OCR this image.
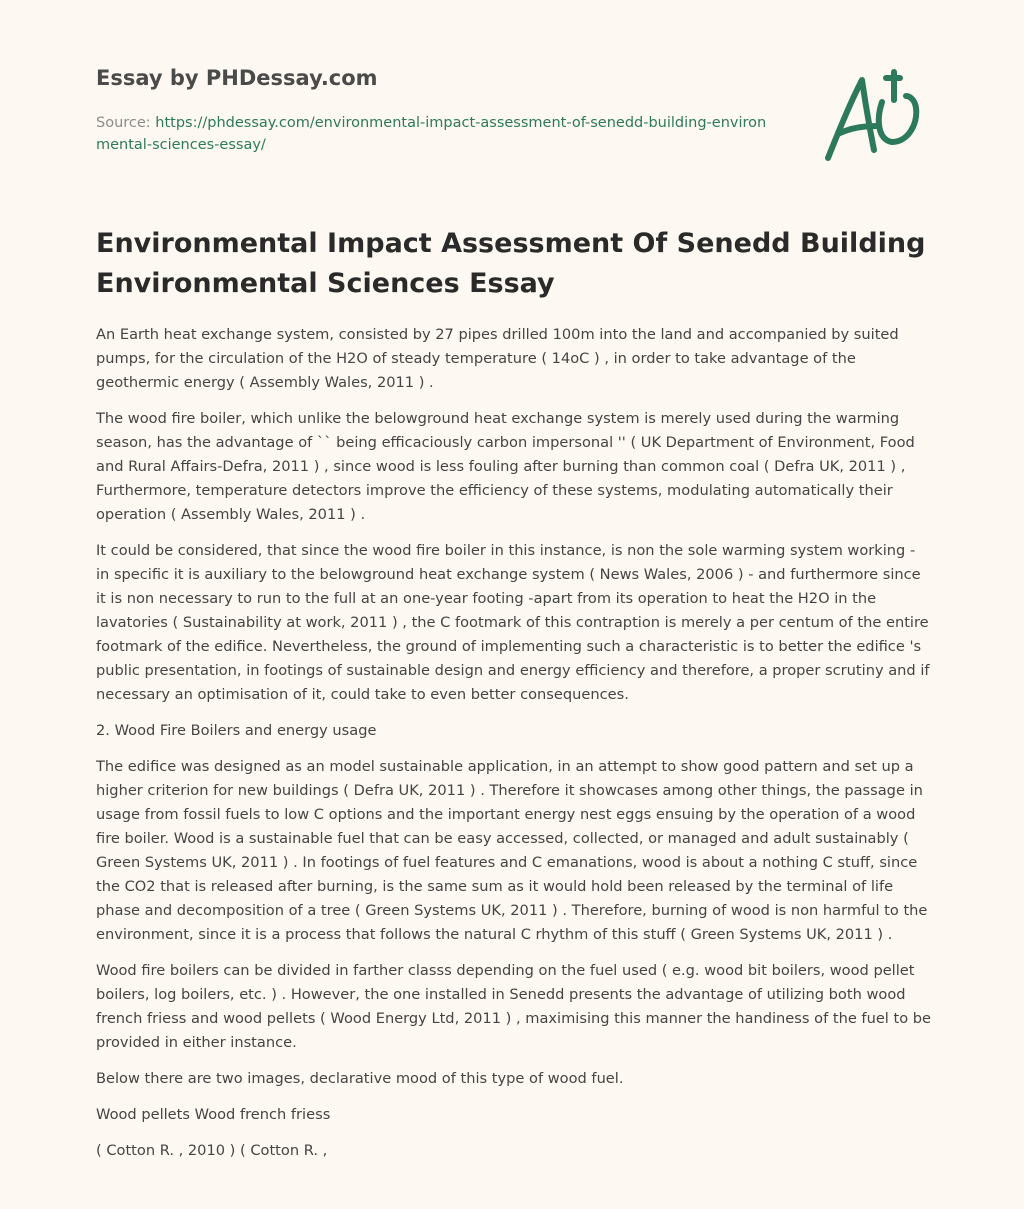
Essay by PHDessay.com
Source: https://phdessay.com/environmental-impact-assessment-of-senedd-building-environmental-sciences-essay/
Environmental Impact Assessment Of Senedd Building Environmental Sciences Essay

An Earth heat exchange system, consisted by 27 pipes drilled 100m into the land and accompanied by suited pumps, for the circulation of the H2O of steady temperature ( 14oC ) , in order to take advantage of the geothermic energy ( Assembly Wales, 2011 ) .

The wood fire boiler, which unlike the belowground heat exchange system is merely used during the warming season, has the advantage of `` being efficaciously carbon impersonal '' ( UK Department of Environment, Food and Rural Affairs-Defra, 2011 ) , since wood is less fouling after burning than common coal ( Defra UK, 2011 ) , Furthermore, temperature detectors improve the efficiency of these systems, modulating automatically their operation ( Assembly Wales, 2011 ) .

It could be considered, that since the wood fire boiler in this instance, is non the sole warming system working - in specific it is auxiliary to the belowground heat exchange system ( News Wales, 2006 ) - and furthermore since it is non necessary to run to the full at an one-year footing -apart from its operation to heat the H2O in the lavatories ( Sustainability at work, 2011 ) , the C footmark of this contraption is merely a per centum of the entire footmark of the edifice. Nevertheless, the ground of implementing such a characteristic is to better the edifice 's public presentation, in footings of sustainable design and energy efficiency and therefore, a proper scrutiny and if necessary an optimisation of it, could take to even better consequences.

2. Wood Fire Boilers and energy usage

The edifice was designed as an model sustainable application, in an attempt to show good pattern and set up a higher criterion for new buildings ( Defra UK, 2011 ) . Therefore it showcases among other things, the passage in usage from fossil fuels to low C options and the important energy nest eggs ensuing by the operation of a wood fire boiler. Wood is a sustainable fuel that can be easy accessed, collected, or managed and adult sustainably ( Green Systems UK, 2011 ) . In footings of fuel features and C emanations, wood is about a nothing C stuff, since the CO2 that is released after burning, is the same sum as it would hold been released by the terminal of life phase and decomposition of a tree ( Green Systems UK, 2011 ) . Therefore, burning of wood is non harmful to the environment, since it is a process that follows the natural C rhythm of this stuff ( Green Systems UK, 2011 ) .

Wood fire boilers can be divided in farther classs depending on the fuel used ( e.g. wood bit boilers, wood pellet boilers, log boilers, etc. ) . However, the one installed in Senedd presents the advantage of utilizing both wood french friess and wood pellets ( Wood Energy Ltd, 2011 ) , maximising this manner the handiness of the fuel to be provided in either instance.

Below there are two images, declarative mood of this type of wood fuel.

Wood pellets Wood french friess

( Cotton R. , 2010 ) ( Cotton R. ,
